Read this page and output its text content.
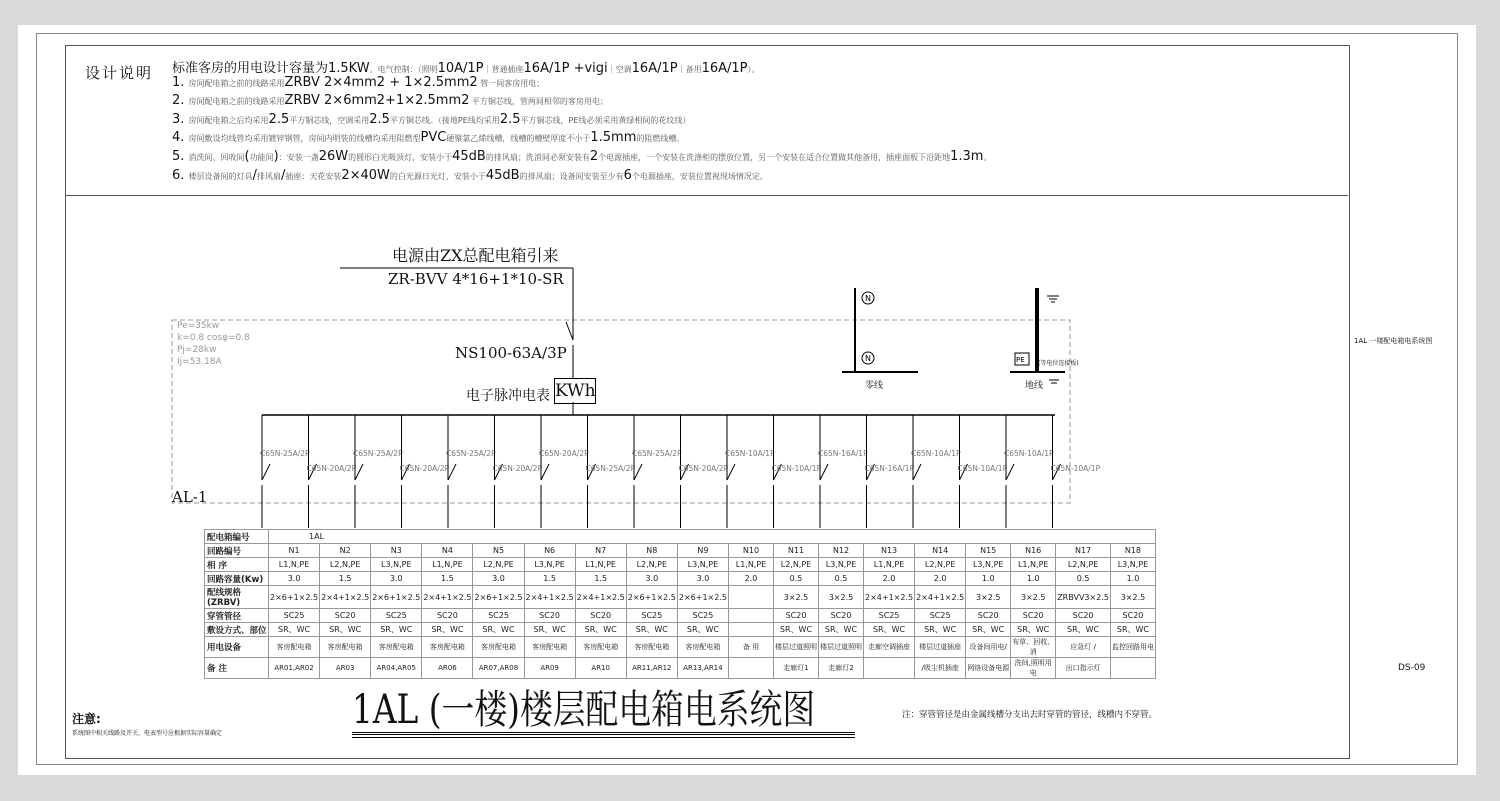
设计说明 标准客房的用电设计容量为1.5KW。电气控制：（照明10A/1P｜普通插座16A/1P +vigi｜空调16A/1P｜备用16A/1P）。
1. 房间配电箱之前的线路采用ZRBV 2×4mm2 + 1×2.5mm2 管一间客房用电；
2. 房间配电箱之前的线路采用ZRBV 2×6mm2+1×2.5mm2 平方铜芯线，管两间相邻的客房用电；
3. 房间配电箱之后均采用2.5平方铜芯线，空调采用2.5平方铜芯线。（接地PE线均采用2.5平方铜芯线，PE线必须采用黄绿相间的花纹线）
4. 房间敷设均线管均采用镀锌钢管，房间内明装的线槽均采用阻燃型PVC硬聚氯乙烯线槽，线槽的槽壁厚度不小于1.5mm的阻燃线槽。
5. 消洗间、回收间(功能间)：安装一盏26W的圆形白光吸顶灯，安装小于45dB的排风扇；洗消间必须安装有2个电源插座，一个安装在洗涤柜的摆放位置，另一个安装在适合位置做其他备用，插座面板下沿距地1.3m。
6. 楼层设备间的灯具/排风扇/插座：天花安装2×40W的白光源日光灯，安装小于45dB的排风扇；设备间安装至少有6个电源插座，安装位置视现场情况定。
N
N	PE
C65N-25A/2P
C65N-20A/2P
C65N-25A/2P
C65N-20A/2P
C65N-25A/2P
C65N-20A/2P
C65N-20A/2P
C65N-25A/2P
C65N-25A/2P
C65N-20A/2P
C65N-10A/1P
C65N-10A/1P
C65N-16A/1P
C65N-16A/1P
C65N-10A/1P
C65N-10A/1P
C65N-10A/1P
C65N-10A/1P
电源由ZX总配电箱引来
ZR-BVV 4*16+1*10-SR
Pe=35kw
k=0.8 cosφ=0.8
Pj=28kw
Ij=53.18A	NS100-63A/3P
电子脉冲电表 KWh
AL-1
零线	地线
(等电位连接板)
配电箱编号	1AL																	
回路编号	N1	N2	N3	N4	N5	N6	N7	N8	N9	N10	N11	N12	N13	N14	N15	N16	N17	N18
相 序	L1,N,PE	L2,N,PE	L3,N,PE	L1,N,PE	L2,N,PE	L3,N,PE	L1,N,PE	L2,N,PE	L3,N,PE	L1,N,PE	L2,N,PE	L3,N,PE	L1,N,PE	L2,N,PE	L3,N,PE	L1,N,PE	L2,N,PE	L3,N,PE
回路容量(Kw)	3.0	1.5	3.0	1.5	3.0	1.5	1.5	3.0	3.0	2.0	0.5	0.5	2.0	2.0	1.0	1.0	0.5	1.0
配线规格(ZRBV)	2×6+1×2.5	2×4+1×2.5	2×6+1×2.5	2×4+1×2.5	2×6+1×2.5	2×4+1×2.5	2×4+1×2.5	2×6+1×2.5	2×6+1×2.5		3×2.5	3×2.5	2×4+1×2.5	2×4+1×2.5	3×2.5	3×2.5	ZRBVV3×2.5	3×2.5
穿管管径	SC25	SC20	SC25	SC20	SC25	SC20	SC20	SC25	SC25		SC20	SC20	SC25	SC25	SC20	SC20	SC20	SC20
敷设方式、部位	SR、WC	SR、WC	SR、WC	SR、WC	SR、WC	SR、WC	SR、WC	SR、WC	SR、WC		SR、WC	SR、WC	SR、WC	SR、WC	SR、WC	SR、WC	SR、WC	SR、WC
用电设备	客房配电箱	客房配电箱	客房配电箱	客房配电箱	客房配电箱	客房配电箱	客房配电箱	客房配电箱	客房配电箱	备 用	楼层过道照明	楼层过道照明	走廊空调插座	楼层过道插座	设备间用电/	布草、回收、消	应急灯 /	监控回路用电
备 注	AR01,AR02	AR03	AR04,AR05	AR06	AR07,AR08	AR09	AR10	AR11,AR12	AR13,AR14		走廊灯1	走廊灯2		/吸尘机插座	网络设备电源	洗间,照明用电	出口指示灯	
1AL (一楼)楼层配电箱电系统图	注：穿管管径是由金属线槽分支出去时穿管的管径，线槽内不穿管。
注意:
系统图中相关线路及开关、电表型号应根据实际容量确定
1AL 一楼配电箱电系统图
DS-09
